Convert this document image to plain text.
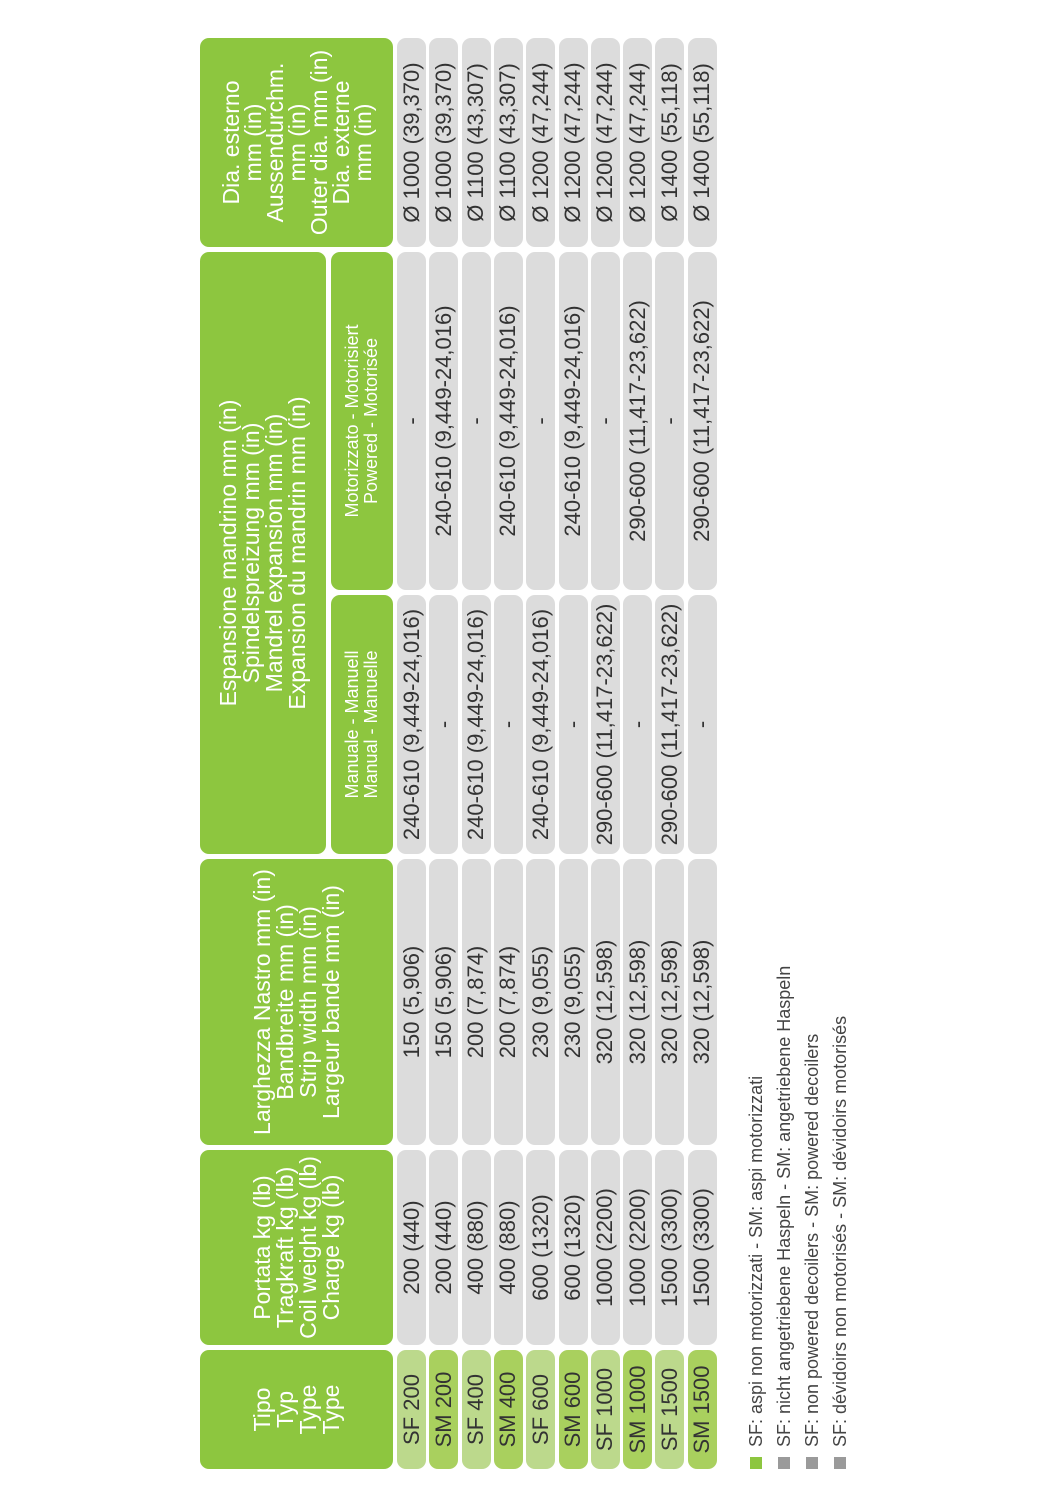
Tipo
Typ
Type
Type
Portata kg (lb)
Tragkraft kg (lb)
Coil weight kg (lb)
Charge kg (lb)
Larghezza Nastro mm (in)
Bandbreite mm (in)
Strip width mm (in)
Largeur bande mm (in)
Espansione mandrino mm (in)
Spindelspreizung mm (in)
Mandrel expansion mm (in)
Expansion du mandrin mm (in)
Manuale - Manuell Manual - Manuelle
Motorizzato - Motorisiert Powered - Motorisée
Dia. esterno
mm (in)
Aussendurchm.
mm (in)
Outer dia. mm (in)
Dia. externe
mm (in)
SF 200
200 (440)
150 (5,906)
240-610 (9,449-24,016)
-
Ø 1000 (39,370)
SM 200
200 (440)
150 (5,906)
-
240-610 (9,449-24,016)
Ø 1000 (39,370)
SF 400
400 (880)
200 (7,874)
240-610 (9,449-24,016)
-
Ø 1100 (43,307)
SM 400
400 (880)
200 (7,874)
-
240-610 (9,449-24,016)
Ø 1100 (43,307)
SF 600
600 (1320)
230 (9,055)
240-610 (9,449-24,016)
-
Ø 1200 (47,244)
SM 600
600 (1320)
230 (9,055)
-
240-610 (9,449-24,016)
Ø 1200 (47,244)
SF 1000
1000 (2200)
320 (12,598)
290-600 (11,417-23,622)
-
Ø 1200 (47,244)
SM 1000
1000 (2200)
320 (12,598)
-
290-600 (11,417-23,622)
Ø 1200 (47,244)
SF 1500
1500 (3300)
320 (12,598)
290-600 (11,417-23,622)
-
Ø 1400 (55,118)
SM 1500
1500 (3300)
320 (12,598)
-
290-600 (11,417-23,622)
Ø 1400 (55,118)
SF: aspi non motorizzati - SM: aspi motorizzati SF: nicht angetriebene Haspeln - SM: angetriebene Haspeln SF: non powered decoilers - SM: powered decoilers SF: dévidoirs non motorisés - SM: dévidoirs motorisés
